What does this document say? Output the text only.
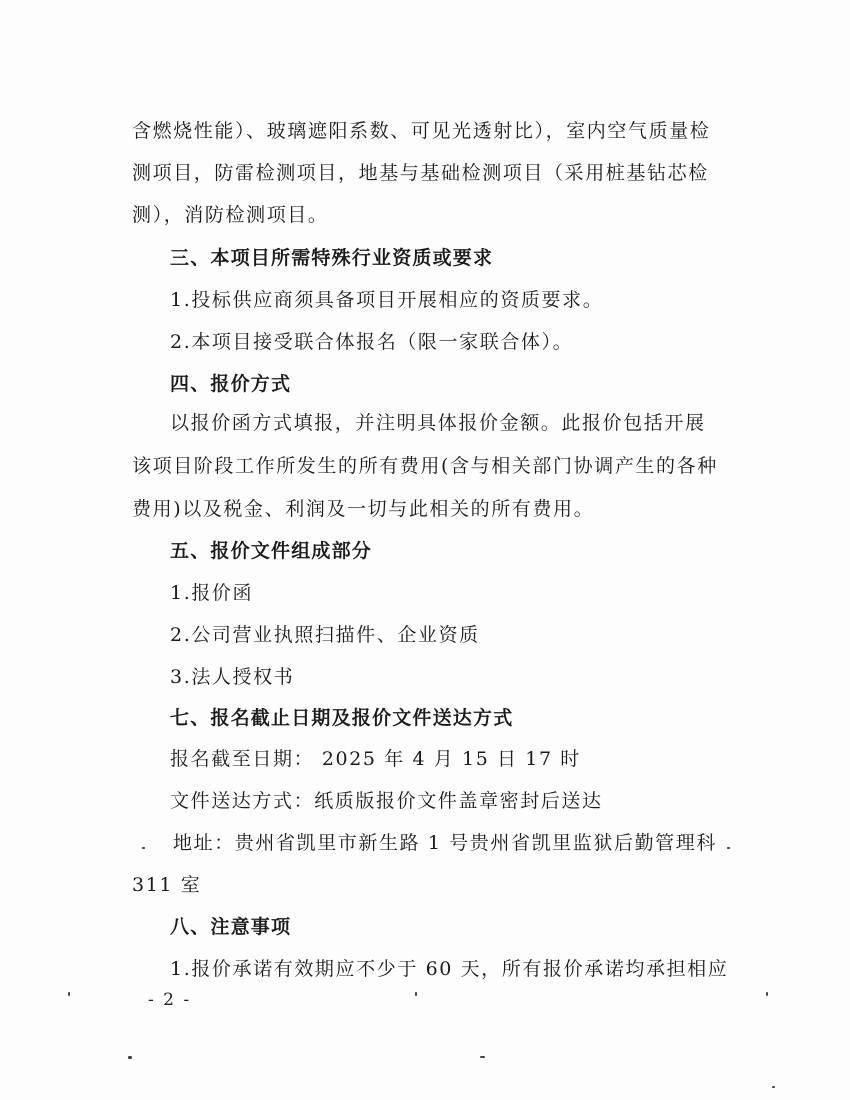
含燃烧性能）、玻璃遮阳系数、可见光透射比），室内空气质量检
测项目，防雷检测项目，地基与基础检测项目（采用桩基钻芯检
测），消防检测项目。
三、本项目所需特殊行业资质或要求
1.投标供应商须具备项目开展相应的资质要求。
2.本项目接受联合体报名（限一家联合体）。
四、报价方式
以报价函方式填报，并注明具体报价金额。此报价包括开展
该项目阶段工作所发生的所有费用(含与相关部门协调产生的各种
费用)以及税金、利润及一切与此相关的所有费用。
五、报价文件组成部分
1.报价函
2.公司营业执照扫描件、企业资质
3.法人授权书
七、报名截止日期及报价文件送达方式
报名截至日期： 2025 年 4 月 15 日 17 时
文件送达方式：纸质版报价文件盖章密封后送达
地址：贵州省凯里市新生路 1 号贵州省凯里监狱后勤管理科
311 室
八、注意事项
1.报价承诺有效期应不少于 60 天，所有报价承诺均承担相应
- 2 -
